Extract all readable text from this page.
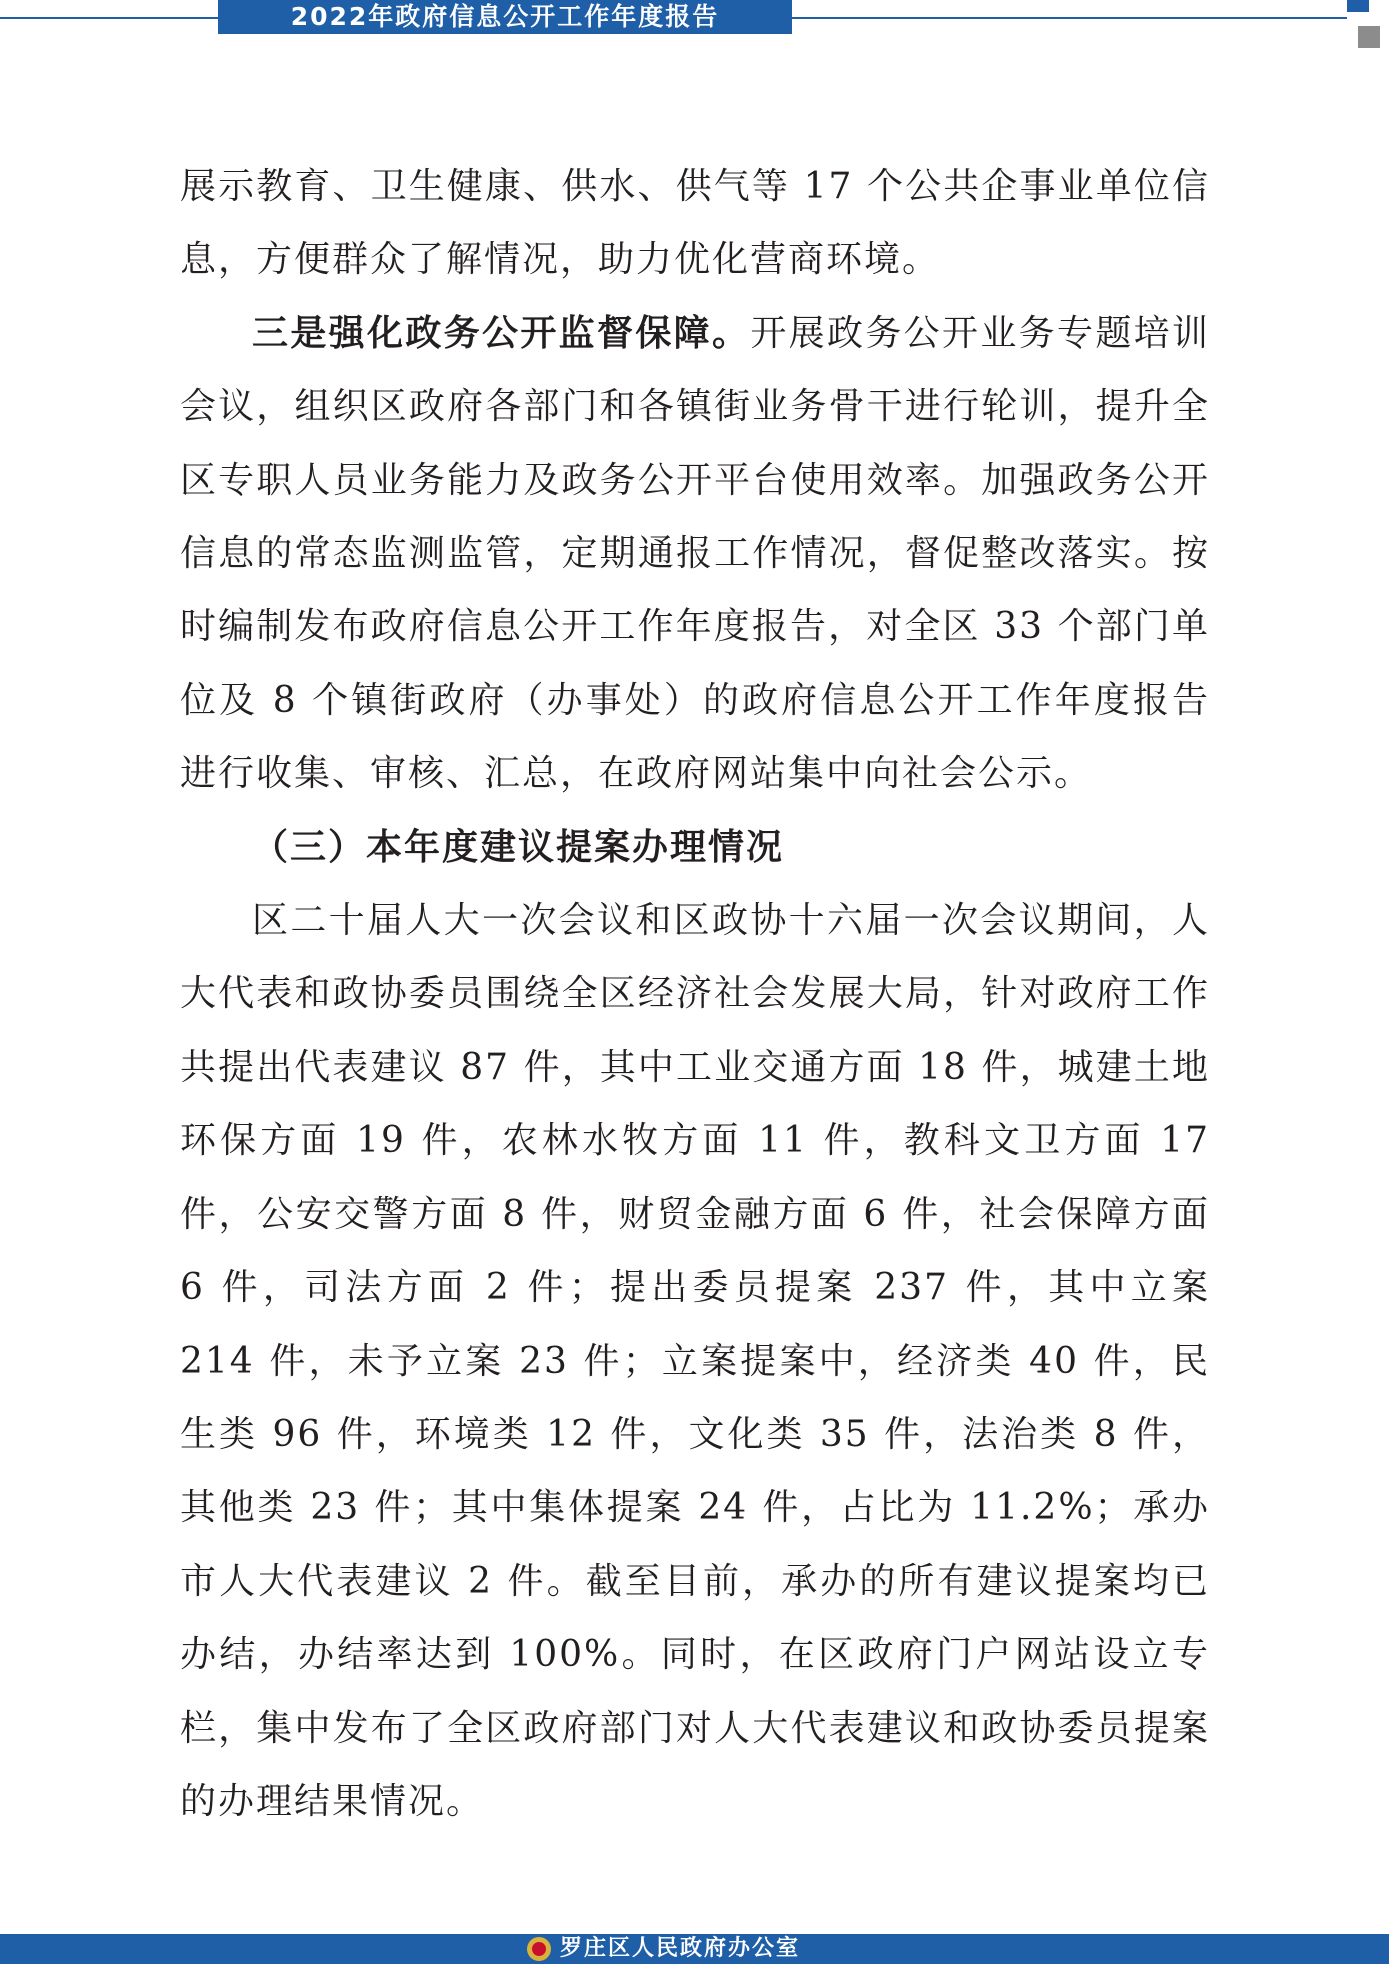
2022年政府信息公开工作年度报告

展示教育、卫生健康、供水、供气等 17 个公共企事业单位信息，方便群众了解情况，助力优化营商环境。

三是强化政务公开监督保障。开展政务公开业务专题培训会议，组织区政府各部门和各镇街业务骨干进行轮训，提升全区专职人员业务能力及政务公开平台使用效率。加强政务公开信息的常态监测监管，定期通报工作情况，督促整改落实。按时编制发布政府信息公开工作年度报告，对全区 33 个部门单位及 8 个镇街政府（办事处）的政府信息公开工作年度报告进行收集、审核、汇总，在政府网站集中向社会公示。

（三）本年度建议提案办理情况

区二十届人大一次会议和区政协十六届一次会议期间，人大代表和政协委员围绕全区经济社会发展大局，针对政府工作共提出代表建议 87 件，其中工业交通方面 18 件，城建土地环保方面 19 件，农林水牧方面 11 件，教科文卫方面 17 件，公安交警方面 8 件，财贸金融方面 6 件，社会保障方面 6 件，司法方面 2 件；提出委员提案 237 件，其中立案 214 件，未予立案 23 件；立案提案中，经济类 40 件，民生类 96 件，环境类 12 件，文化类 35 件，法治类 8 件，其他类 23 件；其中集体提案 24 件，占比为 11.2%；承办市人大代表建议 2 件。截至目前，承办的所有建议提案均已办结，办结率达到 100%。同时，在区政府门户网站设立专栏，集中发布了全区政府部门对人大代表建议和政协委员提案的办理结果情况。

罗庄区人民政府办公室
